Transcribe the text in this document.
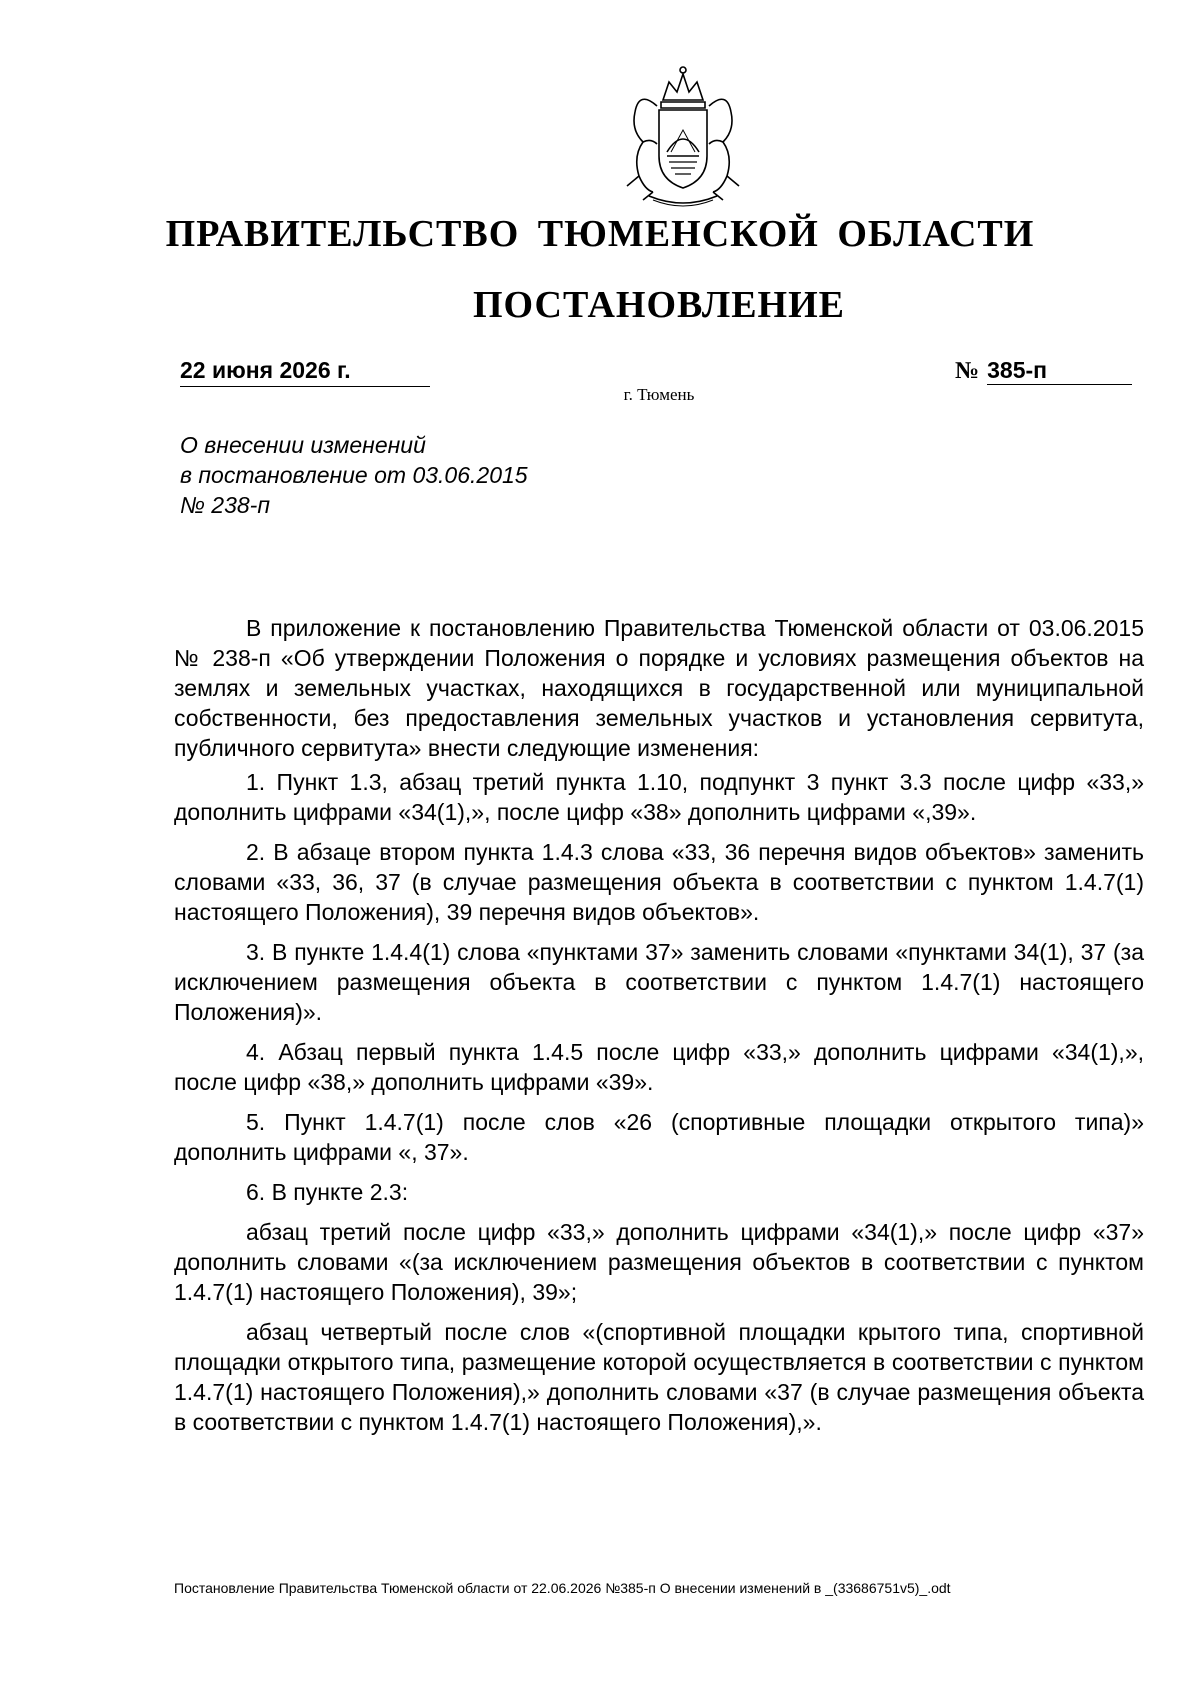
ПРАВИТЕЛЬСТВО ТЮМЕНСКОЙ ОБЛАСТИ
ПОСТАНОВЛЕНИЕ
22 июня 2026 г.	№ 385-п
г. Тюмень
О внесении изменений
в постановление от 03.06.2015
№ 238-п

В приложение к постановлению Правительства Тюменской области от 03.06.2015 № 238-п «Об утверждении Положения о порядке и условиях размещения объектов на землях и земельных участках, находящихся в государственной или муниципальной собственности, без предоставления земельных участков и установления сервитута, публичного сервитута» внести следующие изменения:

1. Пункт 1.3, абзац третий пункта 1.10, подпункт 3 пункт 3.3 после цифр «33,» дополнить цифрами «34(1),», после цифр «38» дополнить цифрами «,39».

2. В абзаце втором пункта 1.4.3 слова «33, 36 перечня видов объектов» заменить словами «33, 36, 37 (в случае размещения объекта в соответствии с пунктом 1.4.7(1) настоящего Положения), 39 перечня видов объектов».

3. В пункте 1.4.4(1) слова «пунктами 37» заменить словами «пунктами 34(1), 37 (за исключением размещения объекта в соответствии с пунктом 1.4.7(1) настоящего Положения)».

4. Абзац первый пункта 1.4.5 после цифр «33,» дополнить цифрами «34(1),», после цифр «38,» дополнить цифрами «39».

5. Пункт 1.4.7(1) после слов «26 (спортивные площадки открытого типа)» дополнить цифрами «, 37».

6. В пункте 2.3:

абзац третий после цифр «33,» дополнить цифрами «34(1),» после цифр «37» дополнить словами «(за исключением размещения объектов в соответствии с пунктом 1.4.7(1) настоящего Положения), 39»;

абзац четвертый после слов «(спортивной площадки крытого типа, спортивной площадки открытого типа, размещение которой осуществляется в соответствии с пунктом 1.4.7(1) настоящего Положения),» дополнить словами «37 (в случае размещения объекта в соответствии с пунктом 1.4.7(1) настоящего Положения),».

Постановление Правительства Тюменской области от 22.06.2026 №385-п О внесении изменений в _(33686751v5)_.odt
